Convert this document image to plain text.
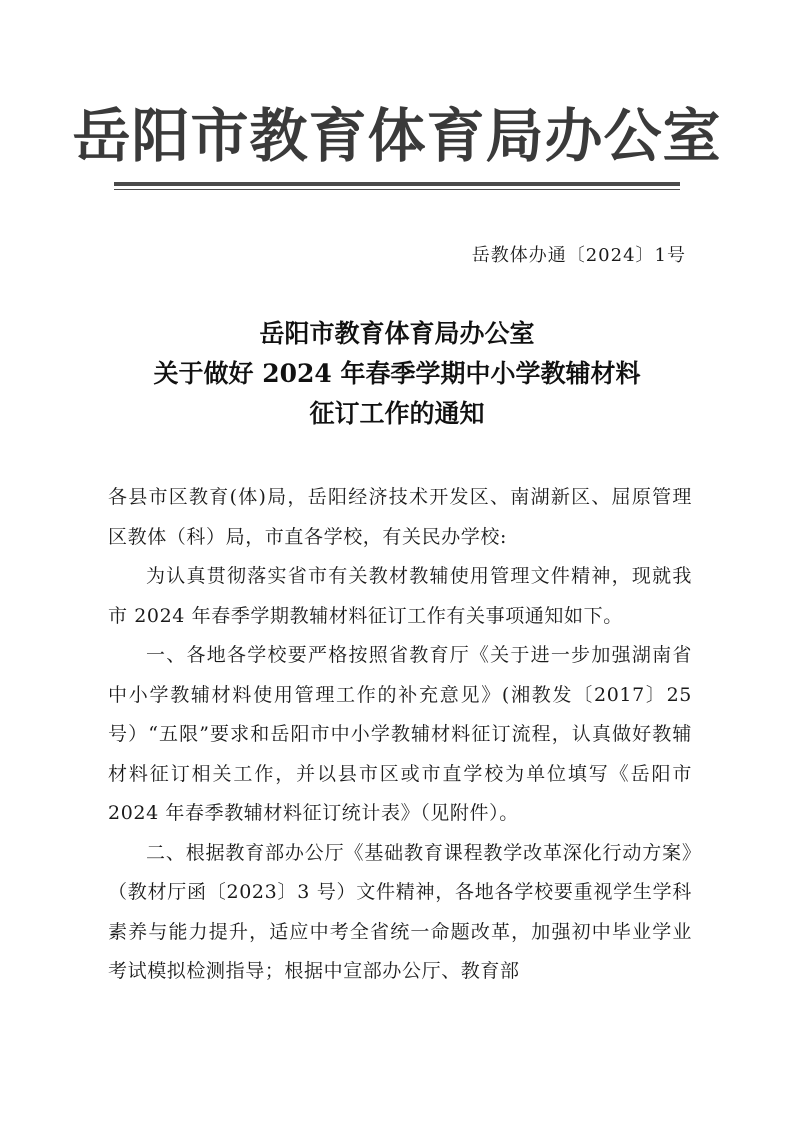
岳阳市教育体育局办公室
岳教体办通〔2024〕1号
岳阳市教育体育局办公室
关于做好 2024 年春季学期中小学教辅材料
征订工作的通知

各县市区教育(体)局，岳阳经济技术开发区、南湖新区、屈原管理区教体（科）局，市直各学校，有关民办学校:

为认真贯彻落实省市有关教材教辅使用管理文件精神，现就我市 2024 年春季学期教辅材料征订工作有关事项通知如下。

一、各地各学校要严格按照省教育厅《关于进一步加强湖南省中小学教辅材料使用管理工作的补充意见》(湘教发〔2017〕25 号）“五限”要求和岳阳市中小学教辅材料征订流程，认真做好教辅材料征订相关工作，并以县市区或市直学校为单位填写《岳阳市 2024 年春季教辅材料征订统计表》（见附件）。

二、根据教育部办公厅《基础教育课程教学改革深化行动方案》（教材厅函〔2023〕3 号）文件精神，各地各学校要重视学生学科素养与能力提升，适应中考全省统一命题改革，加强初中毕业学业考试模拟检测指导；根据中宣部办公厅、教育部
